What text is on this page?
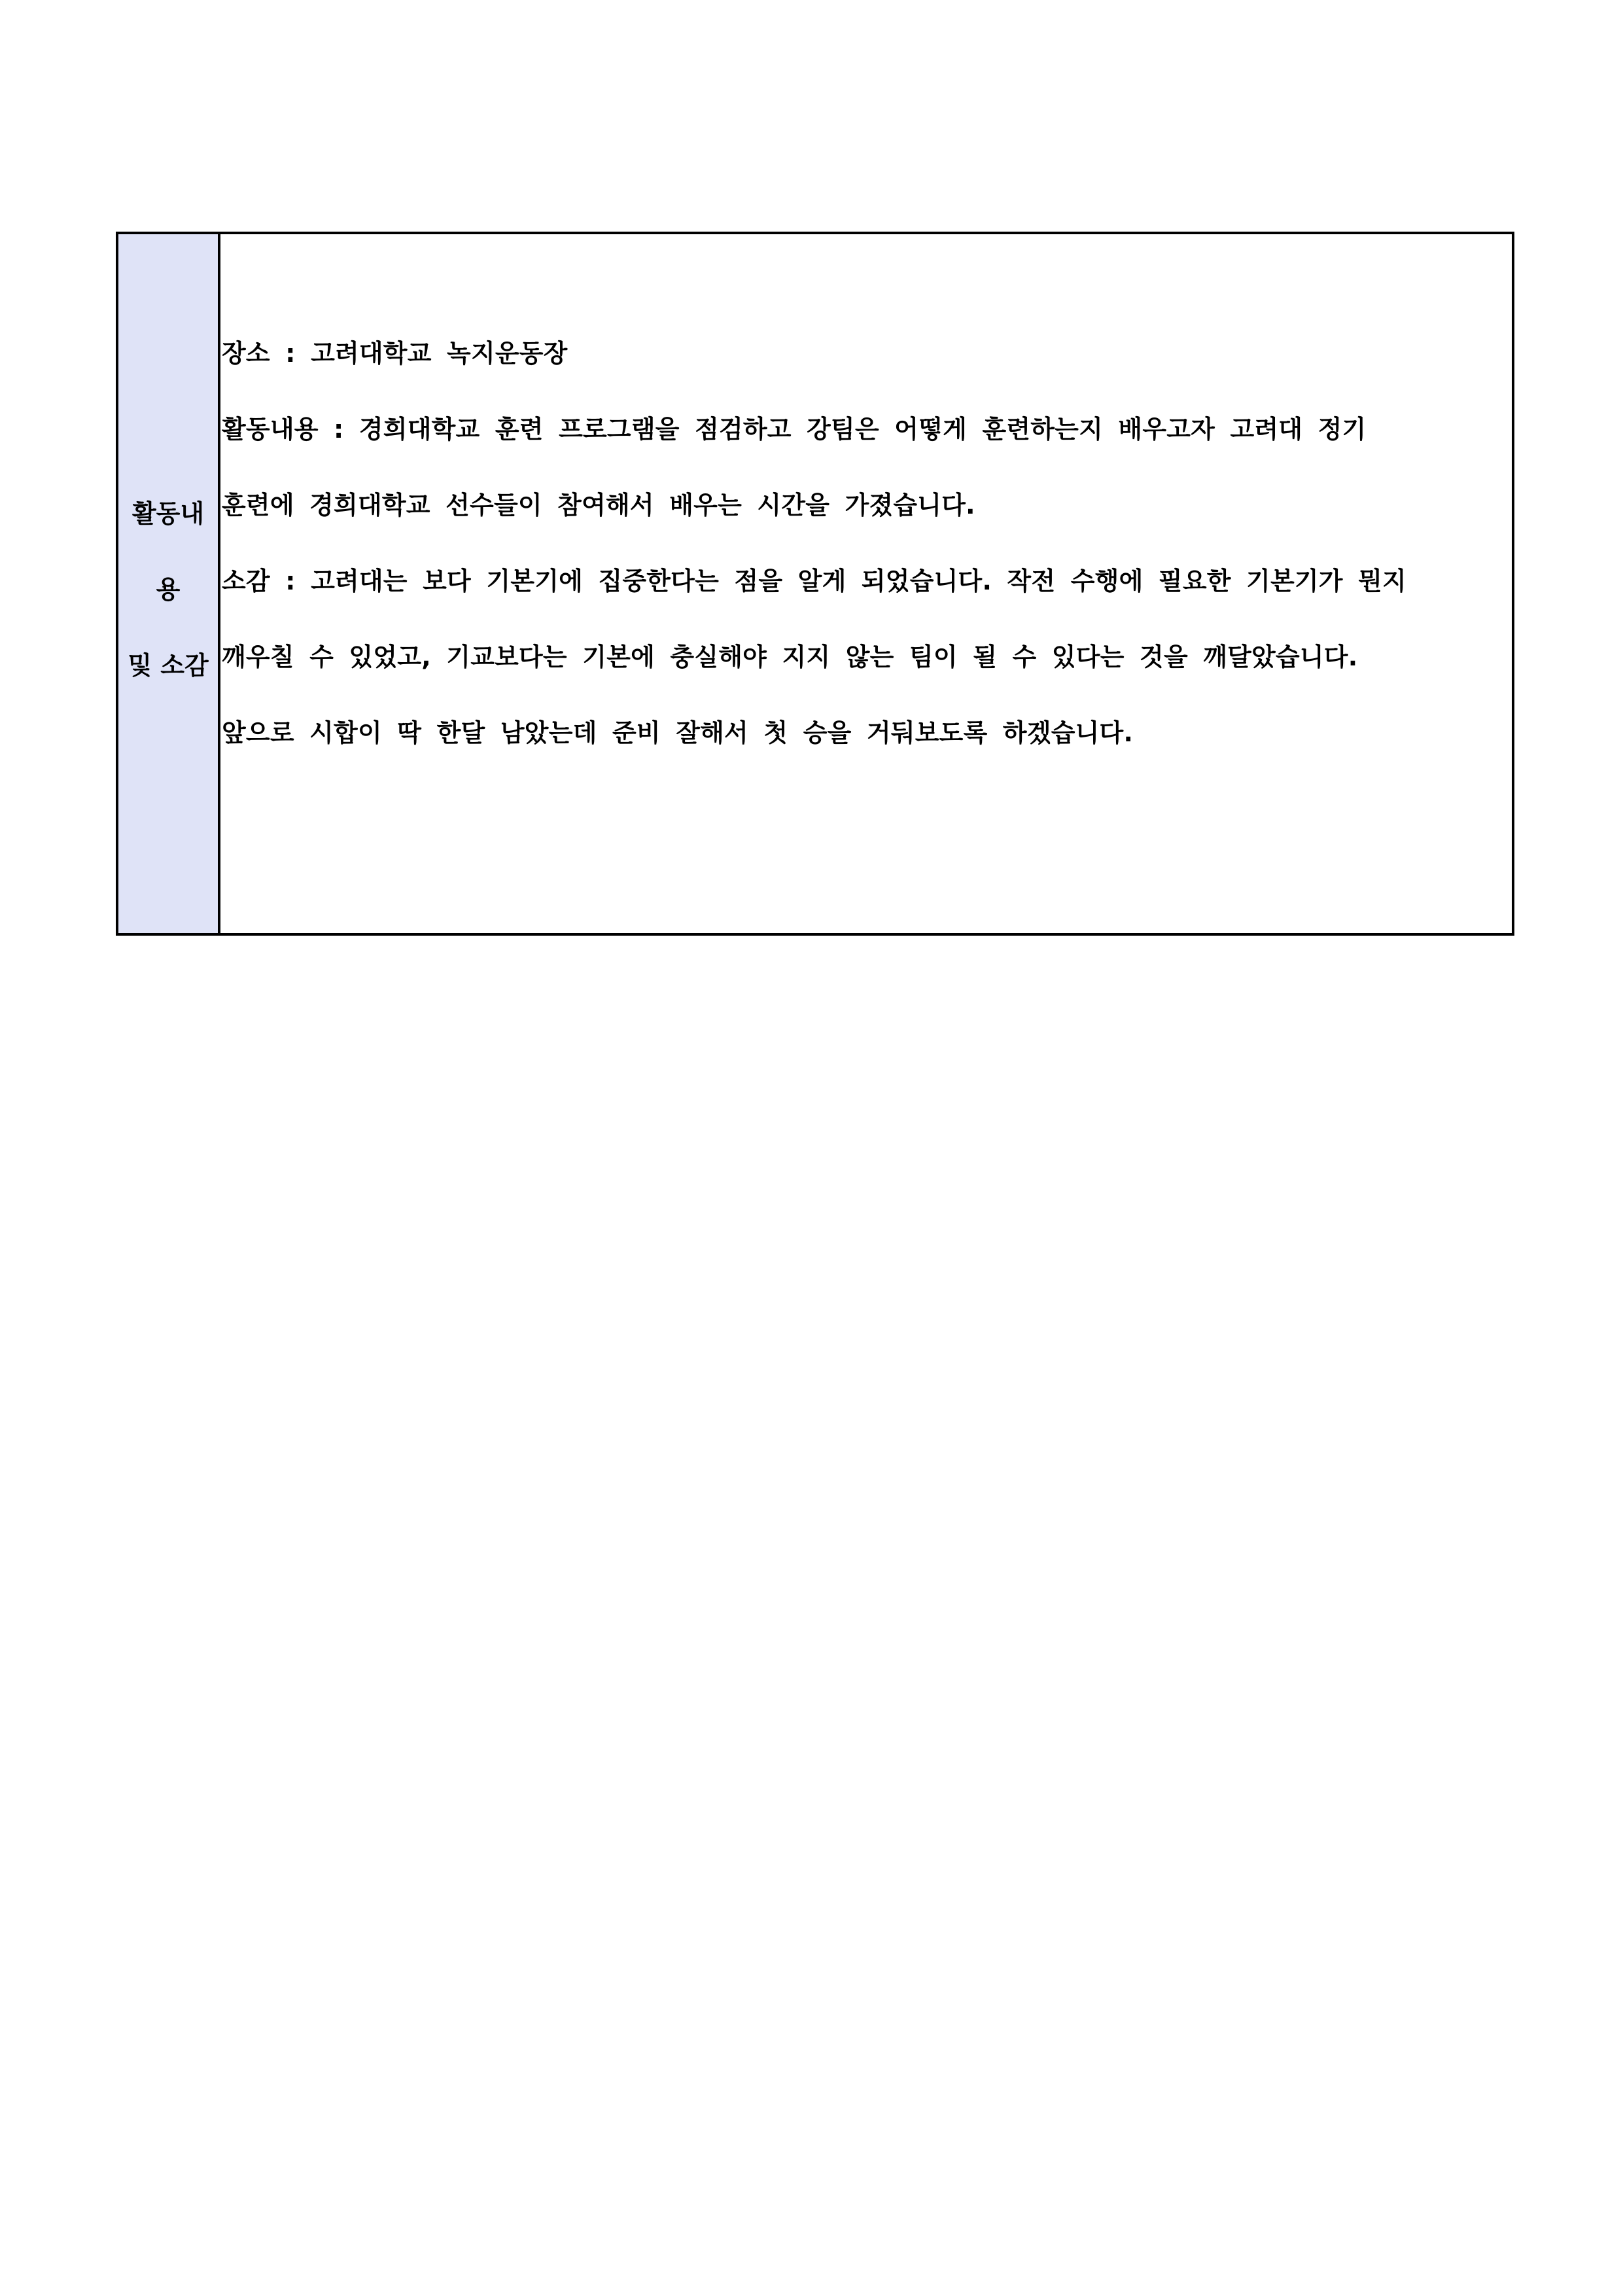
활동내
용
및 소감
장소 : 고려대학교 녹지운동장
활동내용 : 경희대학교 훈련 프로그램을 점검하고 강팀은 어떻게 훈련하는지 배우고자 고려대 정기
훈련에 경희대학교 선수들이 참여해서 배우는 시간을 가졌습니다.
소감 : 고려대는 보다 기본기에 집중한다는 점을 알게 되었습니다. 작전 수행에 필요한 기본기가 뭔지
깨우칠 수 있었고, 기교보다는 기본에 충실해야 지지 않는 팀이 될 수 있다는 것을 깨달았습니다.
앞으로 시합이 딱 한달 남았는데 준비 잘해서 첫 승을 거둬보도록 하겠습니다.
